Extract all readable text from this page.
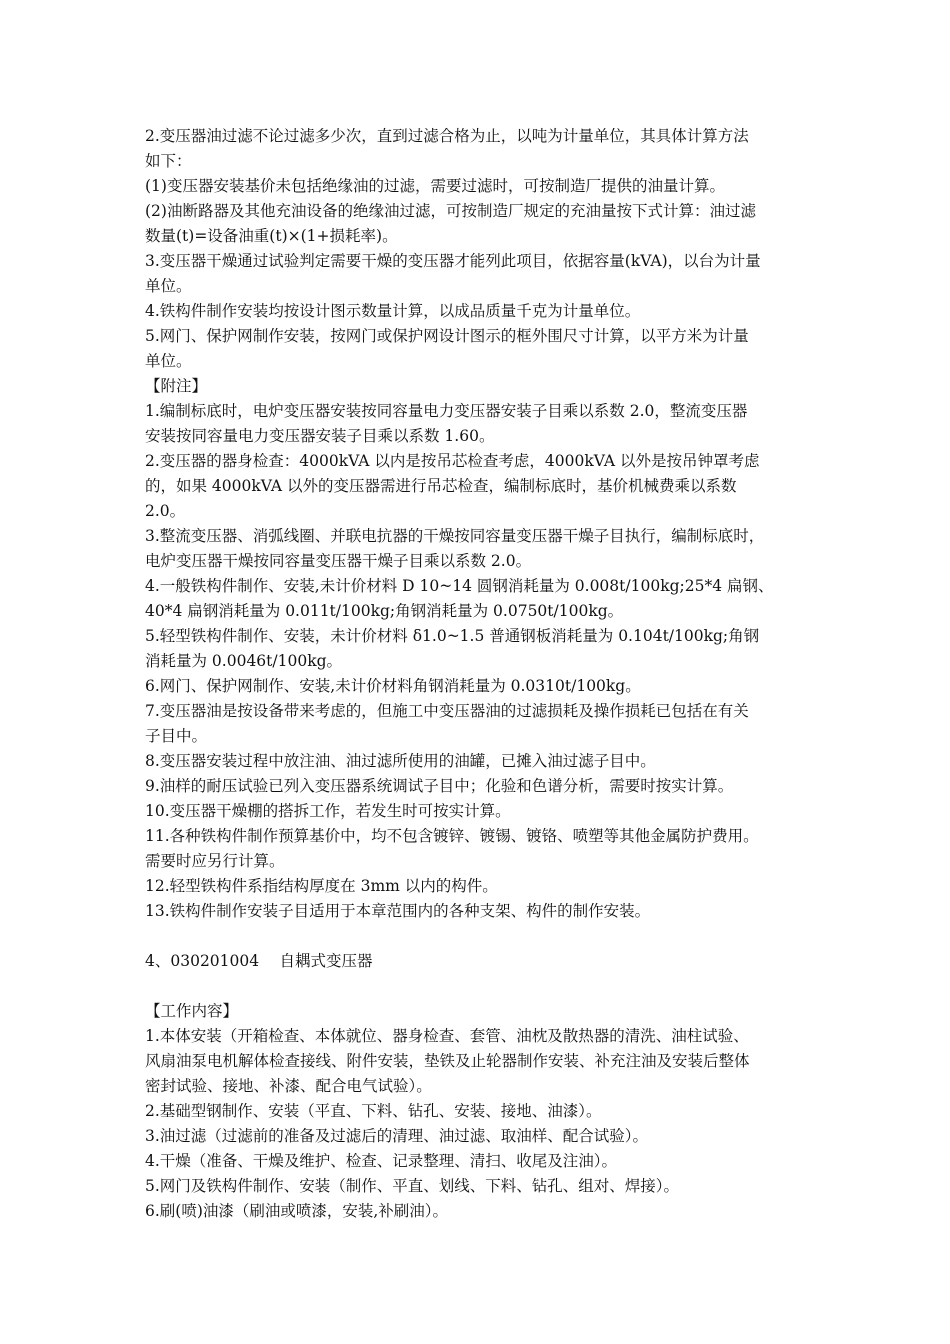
2.变压器油过滤不论过滤多少次，直到过滤合格为止，以吨为计量单位，其具体计算方法
如下：
(1)变压器安装基价未包括绝缘油的过滤，需要过滤时，可按制造厂提供的油量计算。
(2)油断路器及其他充油设备的绝缘油过滤，可按制造厂规定的充油量按下式计算：油过滤
数量(t)=设备油重(t)×(1+损耗率)。
3.变压器干燥通过试验判定需要干燥的变压器才能列此项目，依据容量(kVA)，以台为计量
单位。
4.铁构件制作安装均按设计图示数量计算，以成品质量千克为计量单位。
5.网门、保护网制作安装，按网门或保护网设计图示的框外围尺寸计算，以平方米为计量
单位。
【附注】
1.编制标底时，电炉变压器安装按同容量电力变压器安装子目乘以系数 2.0，整流变压器
安装按同容量电力变压器安装子目乘以系数 1.60。
2.变压器的器身检查：4000kVA 以内是按吊芯检查考虑，4000kVA 以外是按吊钟罩考虑
的，如果 4000kVA 以外的变压器需进行吊芯检查，编制标底时，基价机械费乘以系数
2.0。
3.整流变压器、消弧线圈、并联电抗器的干燥按同容量变压器干燥子目执行，编制标底时，
电炉变压器干燥按同容量变压器干燥子目乘以系数 2.0。
4.一般铁构件制作、安装,未计价材料 D 10~14 圆钢消耗量为 0.008t/100kg;25*4 扁钢、
40*4 扁钢消耗量为 0.011t/100kg;角钢消耗量为 0.0750t/100kg。
5.轻型铁构件制作、安装，未计价材料 δ1.0~1.5 普通钢板消耗量为 0.104t/100kg;角钢
消耗量为 0.0046t/100kg。
6.网门、保护网制作、安装,未计价材料角钢消耗量为 0.0310t/100kg。
7.变压器油是按设备带来考虑的，但施工中变压器油的过滤损耗及操作损耗已包括在有关
子目中。
8.变压器安装过程中放注油、油过滤所使用的油罐，已摊入油过滤子目中。
9.油样的耐压试验已列入变压器系统调试子目中；化验和色谱分析，需要时按实计算。
10.变压器干燥棚的搭拆工作，若发生时可按实计算。
11.各种铁构件制作预算基价中，均不包含镀锌、镀锡、镀铬、喷塑等其他金属防护费用。
需要时应另行计算。
12.轻型铁构件系指结构厚度在 3mm 以内的构件。
13.铁构件制作安装子目适用于本章范围内的各种支架、构件的制作安装。
4、030201004　 自耦式变压器
【工作内容】
1.本体安装（开箱检查、本体就位、器身检查、套管、油枕及散热器的清洗、油柱试验、
风扇油泵电机解体检查接线、附件安装，垫铁及止轮器制作安装、补充注油及安装后整体
密封试验、接地、补漆、配合电气试验）。
2.基础型钢制作、安装（平直、下料、钻孔、安装、接地、油漆）。
3.油过滤（过滤前的准备及过滤后的清理、油过滤、取油样、配合试验）。
4.干燥（准备、干燥及维护、检查、记录整理、清扫、收尾及注油）。
5.网门及铁构件制作、安装（制作、平直、划线、下料、钻孔、组对、焊接）。
6.刷(喷)油漆（刷油或喷漆，安装,补刷油）。
